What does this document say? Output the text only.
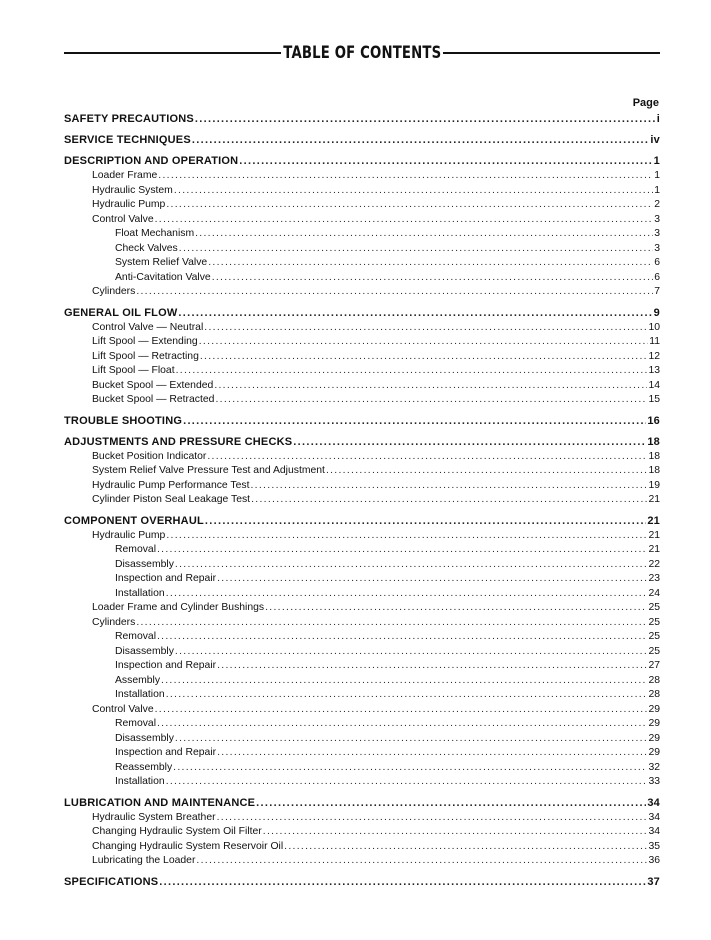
TABLE OF CONTENTS
Page
SAFETY PRECAUTIONS .....	i
SERVICE TECHNIQUES .....	iv
DESCRIPTION AND OPERATION .....	1
Loader Frame .....	1
Hydraulic System .....	1
Hydraulic Pump .....	2
Control Valve .....	3
Float Mechanism .....	3
Check Valves .....	3
System Relief Valve .....	6
Anti-Cavitation Valve .....	6
Cylinders .....	7
GENERAL OIL FLOW .....	9
Control Valve — Neutral .....	10
Lift Spool — Extending .....	11
Lift Spool — Retracting .....	12
Lift Spool — Float .....	13
Bucket Spool — Extended .....	14
Bucket Spool — Retracted .....	15
TROUBLE SHOOTING .....	16
ADJUSTMENTS AND PRESSURE CHECKS .....	18
Bucket Position Indicator .....	18
System Relief Valve Pressure Test and Adjustment .....	18
Hydraulic Pump Performance Test .....	19
Cylinder Piston Seal Leakage Test .....	21
COMPONENT OVERHAUL .....	21
Hydraulic Pump .....	21
Removal .....	21
Disassembly .....	22
Inspection and Repair .....	23
Installation .....	24
Loader Frame and Cylinder Bushings .....	25
Cylinders .....	25
Removal .....	25
Disassembly .....	25
Inspection and Repair .....	27
Assembly .....	28
Installation .....	28
Control Valve .....	29
Removal .....	29
Disassembly .....	29
Inspection and Repair .....	29
Reassembly .....	32
Installation .....	33
LUBRICATION AND MAINTENANCE .....	34
Hydraulic System Breather .....	34
Changing Hydraulic System Oil Filter .....	34
Changing Hydraulic System Reservoir Oil .....	35
Lubricating the Loader .....	36
SPECIFICATIONS .....	37
